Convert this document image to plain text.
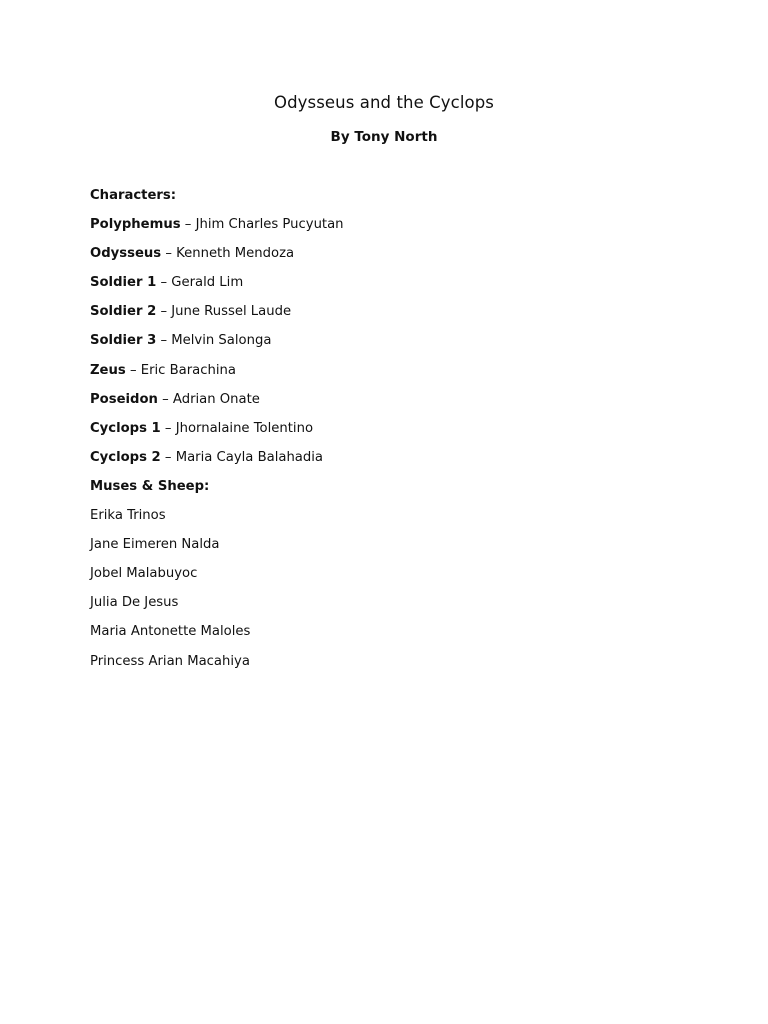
Odysseus and the Cyclops
By Tony North
Characters:
Polyphemus – Jhim Charles Pucyutan
Odysseus – Kenneth Mendoza
Soldier 1 – Gerald Lim
Soldier 2 – June Russel Laude
Soldier 3 – Melvin Salonga
Zeus – Eric Barachina
Poseidon – Adrian Onate
Cyclops 1 – Jhornalaine Tolentino
Cyclops 2 – Maria Cayla Balahadia
Muses & Sheep:
Erika Trinos
Jane Eimeren Nalda
Jobel Malabuyoc
Julia De Jesus
Maria Antonette Maloles
Princess Arian Macahiya
